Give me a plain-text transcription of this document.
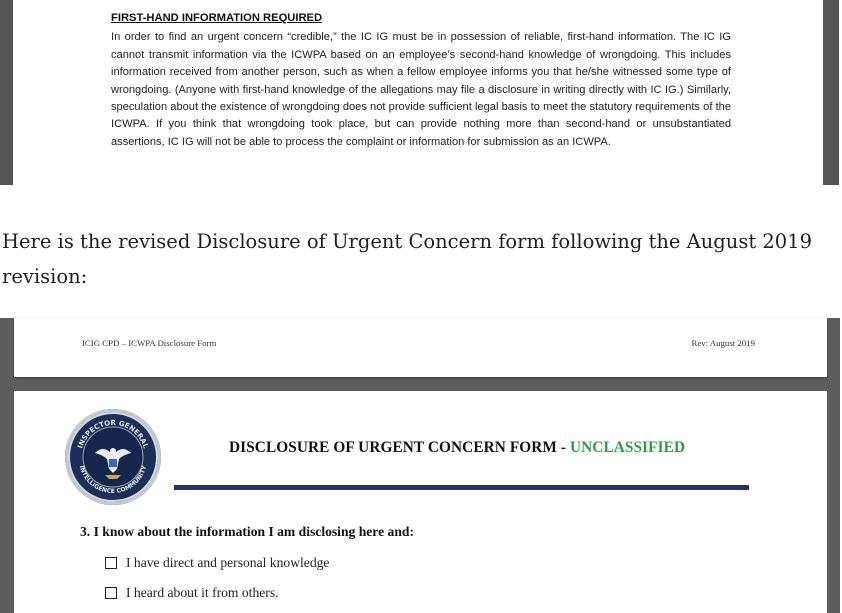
FIRST-HAND INFORMATION REQUIRED
In order to find an urgent concern “credible,” the IC IG must be in possession of reliable, first-hand information. The IC IG cannot transmit information via the ICWPA based on an employee’s second-hand knowledge of wrongdoing. This includes information received from another person, such as when a fellow employee informs you that he/she witnessed some type of wrongdoing. (Anyone with first-hand knowledge of the allegations may file a disclosure in writing directly with IC IG.) Similarly, speculation about the existence of wrongdoing does not provide sufficient legal basis to meet the statutory requirements of the ICWPA. If you think that wrongdoing took place, but can provide nothing more than second-hand or unsubstantiated assertions, IC IG will not be able to process the complaint or information for submission as an ICWPA.

Here is the revised Disclosure of Urgent Concern form following the August 2019 revision:

ICIG CPD – ICWPA Disclosure Form	Rev: August 2019
INSPECTOR GENERAL
INTELLIGENCE COMMUNITY
DISCLOSURE OF URGENT CONCERN FORM - UNCLASSIFIED
3. I know about the information I am disclosing here and:
I have direct and personal knowledge
I heard about it from others.
